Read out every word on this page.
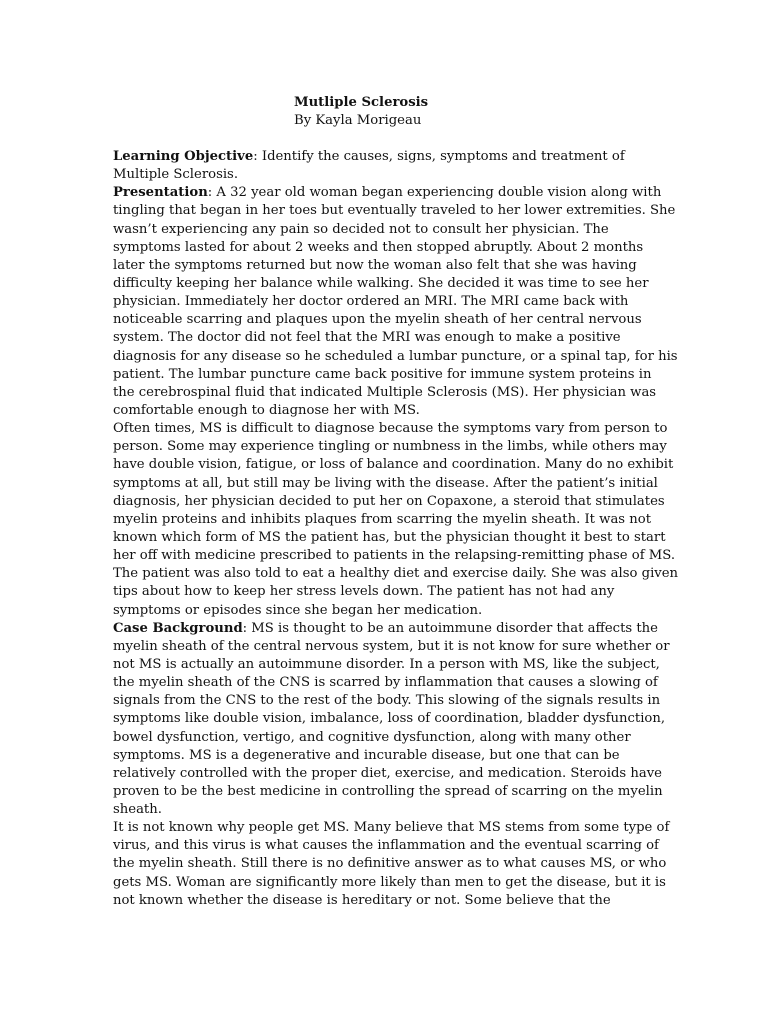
Mutliple Sclerosis
By Kayla Morigeau
Learning Objective: Identify the causes, signs, symptoms and treatment of
Multiple Sclerosis.
Presentation: A 32 year old woman began experiencing double vision along with
tingling that began in her toes but eventually traveled to her lower extremities. She
wasn’t experiencing any pain so decided not to consult her physician. The
symptoms lasted for about 2 weeks and then stopped abruptly. About 2 months
later the symptoms returned but now the woman also felt that she was having
difficulty keeping her balance while walking. She decided it was time to see her
physician. Immediately her doctor ordered an MRI. The MRI came back with
noticeable scarring and plaques upon the myelin sheath of her central nervous
system. The doctor did not feel that the MRI was enough to make a positive
diagnosis for any disease so he scheduled a lumbar puncture, or a spinal tap, for his
patient. The lumbar puncture came back positive for immune system proteins in
the cerebrospinal fluid that indicated Multiple Sclerosis (MS). Her physician was
comfortable enough to diagnose her with MS.
Often times, MS is difficult to diagnose because the symptoms vary from person to
person. Some may experience tingling or numbness in the limbs, while others may
have double vision, fatigue, or loss of balance and coordination. Many do no exhibit
symptoms at all, but still may be living with the disease. After the patient’s initial
diagnosis, her physician decided to put her on Copaxone, a steroid that stimulates
myelin proteins and inhibits plaques from scarring the myelin sheath. It was not
known which form of MS the patient has, but the physician thought it best to start
her off with medicine prescribed to patients in the relapsing-remitting phase of MS.
The patient was also told to eat a healthy diet and exercise daily. She was also given
tips about how to keep her stress levels down. The patient has not had any
symptoms or episodes since she began her medication.
Case Background: MS is thought to be an autoimmune disorder that affects the
myelin sheath of the central nervous system, but it is not know for sure whether or
not MS is actually an autoimmune disorder. In a person with MS, like the subject,
the myelin sheath of the CNS is scarred by inflammation that causes a slowing of
signals from the CNS to the rest of the body. This slowing of the signals results in
symptoms like double vision, imbalance, loss of coordination, bladder dysfunction,
bowel dysfunction, vertigo, and cognitive dysfunction, along with many other
symptoms. MS is a degenerative and incurable disease, but one that can be
relatively controlled with the proper diet, exercise, and medication. Steroids have
proven to be the best medicine in controlling the spread of scarring on the myelin
sheath.
It is not known why people get MS. Many believe that MS stems from some type of
virus, and this virus is what causes the inflammation and the eventual scarring of
the myelin sheath. Still there is no definitive answer as to what causes MS, or who
gets MS. Woman are significantly more likely than men to get the disease, but it is
not known whether the disease is hereditary or not. Some believe that the
